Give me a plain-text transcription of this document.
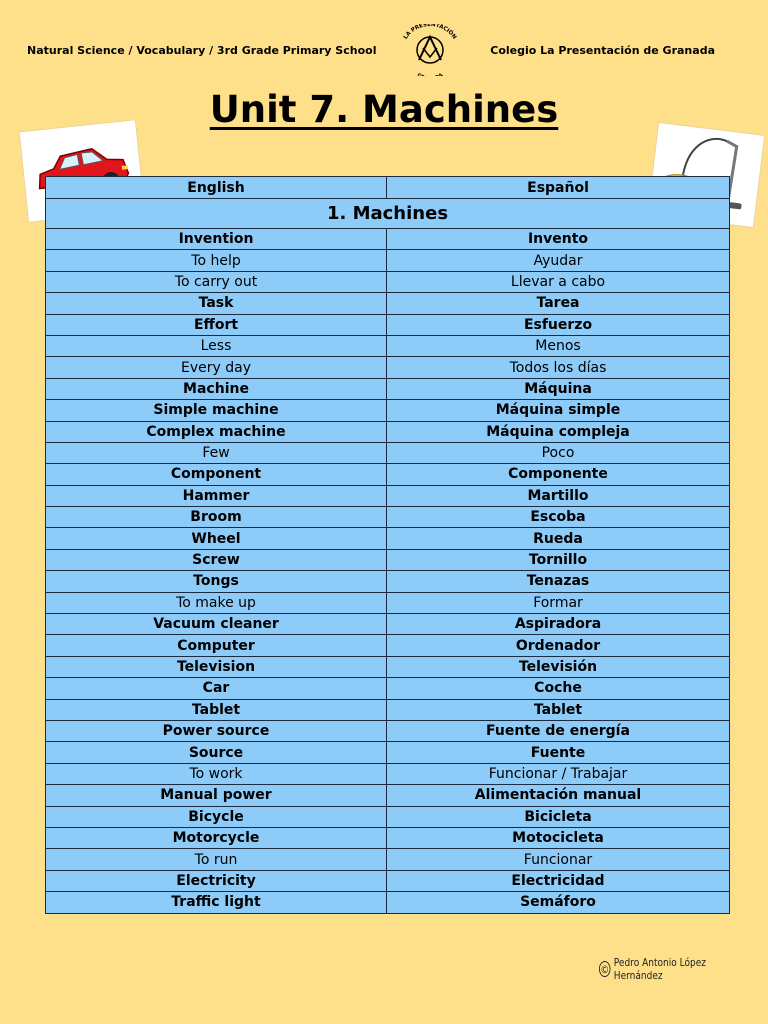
Natural Science / Vocabulary / 3rd Grade Primary School
LA PRESENTACIÓN
G A
Colegio La Presentación de Granada
Unit 7. Machines
English	Español
1. Machines	
Invention	Invento
To help	Ayudar
To carry out	Llevar a cabo
Task	Tarea
Effort	Esfuerzo
Less	Menos
Every day	Todos los días
Machine	Máquina
Simple machine	Máquina simple
Complex machine	Máquina compleja
Few	Poco
Component	Componente
Hammer	Martillo
Broom	Escoba
Wheel	Rueda
Screw	Tornillo
Tongs	Tenazas
To make up	Formar
Vacuum cleaner	Aspiradora
Computer	Ordenador
Television	Televisión
Car	Coche
Tablet	Tablet
Power source	Fuente de energía
Source	Fuente
To work	Funcionar / Trabajar
Manual power	Alimentación manual
Bicycle	Bicicleta
Motorcycle	Motocicleta
To run	Funcionar
Electricity	Electricidad
Traffic light	Semáforo
©
Pedro Antonio López Hernández
